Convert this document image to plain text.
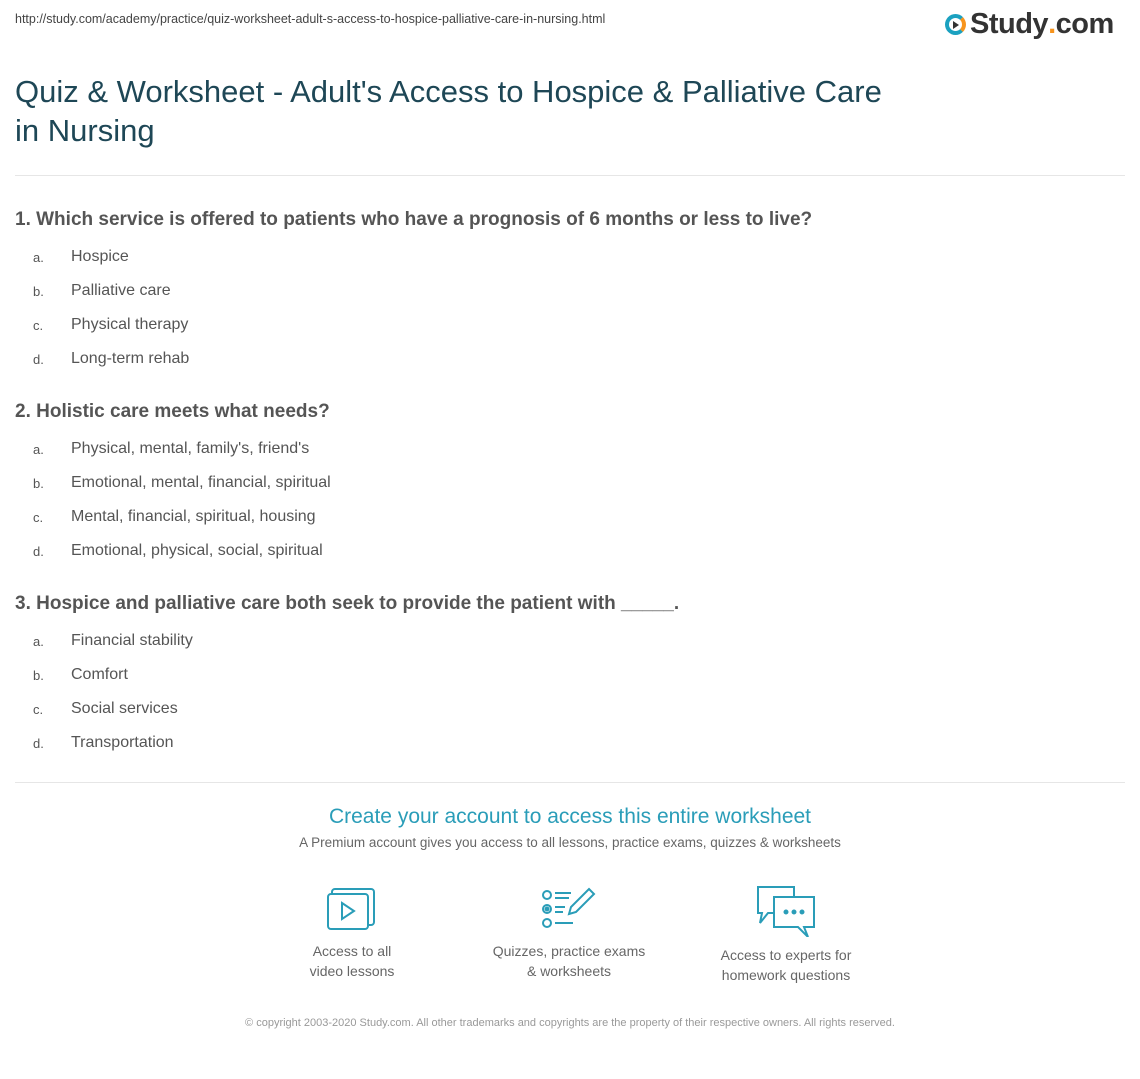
http://study.com/academy/practice/quiz-worksheet-adult-s-access-to-hospice-palliative-care-in-nursing.html	Study . com
Quiz & Worksheet - Adult's Access to Hospice & Palliative Care in Nursing
1. Which service is offered to patients who have a prognosis of 6 months or less to live?
a.	Hospice
b.	Palliative care
c.	Physical therapy
d.	Long-term rehab
2. Holistic care meets what needs?
a.	Physical, mental, family's, friend's
b.	Emotional, mental, financial, spiritual
c.	Mental, financial, spiritual, housing
d.	Emotional, physical, social, spiritual
3. Hospice and palliative care both seek to provide the patient with _____.
a.	Financial stability
b.	Comfort
c.	Social services
d.	Transportation
Create your account to access this entire worksheet
A Premium account gives you access to all lessons, practice exams, quizzes & worksheets
Access to all
video lessons
Quizzes, practice exams
& worksheets
Access to experts for
homework questions
© copyright 2003-2020 Study.com. All other trademarks and copyrights are the property of their respective owners. All rights reserved.
